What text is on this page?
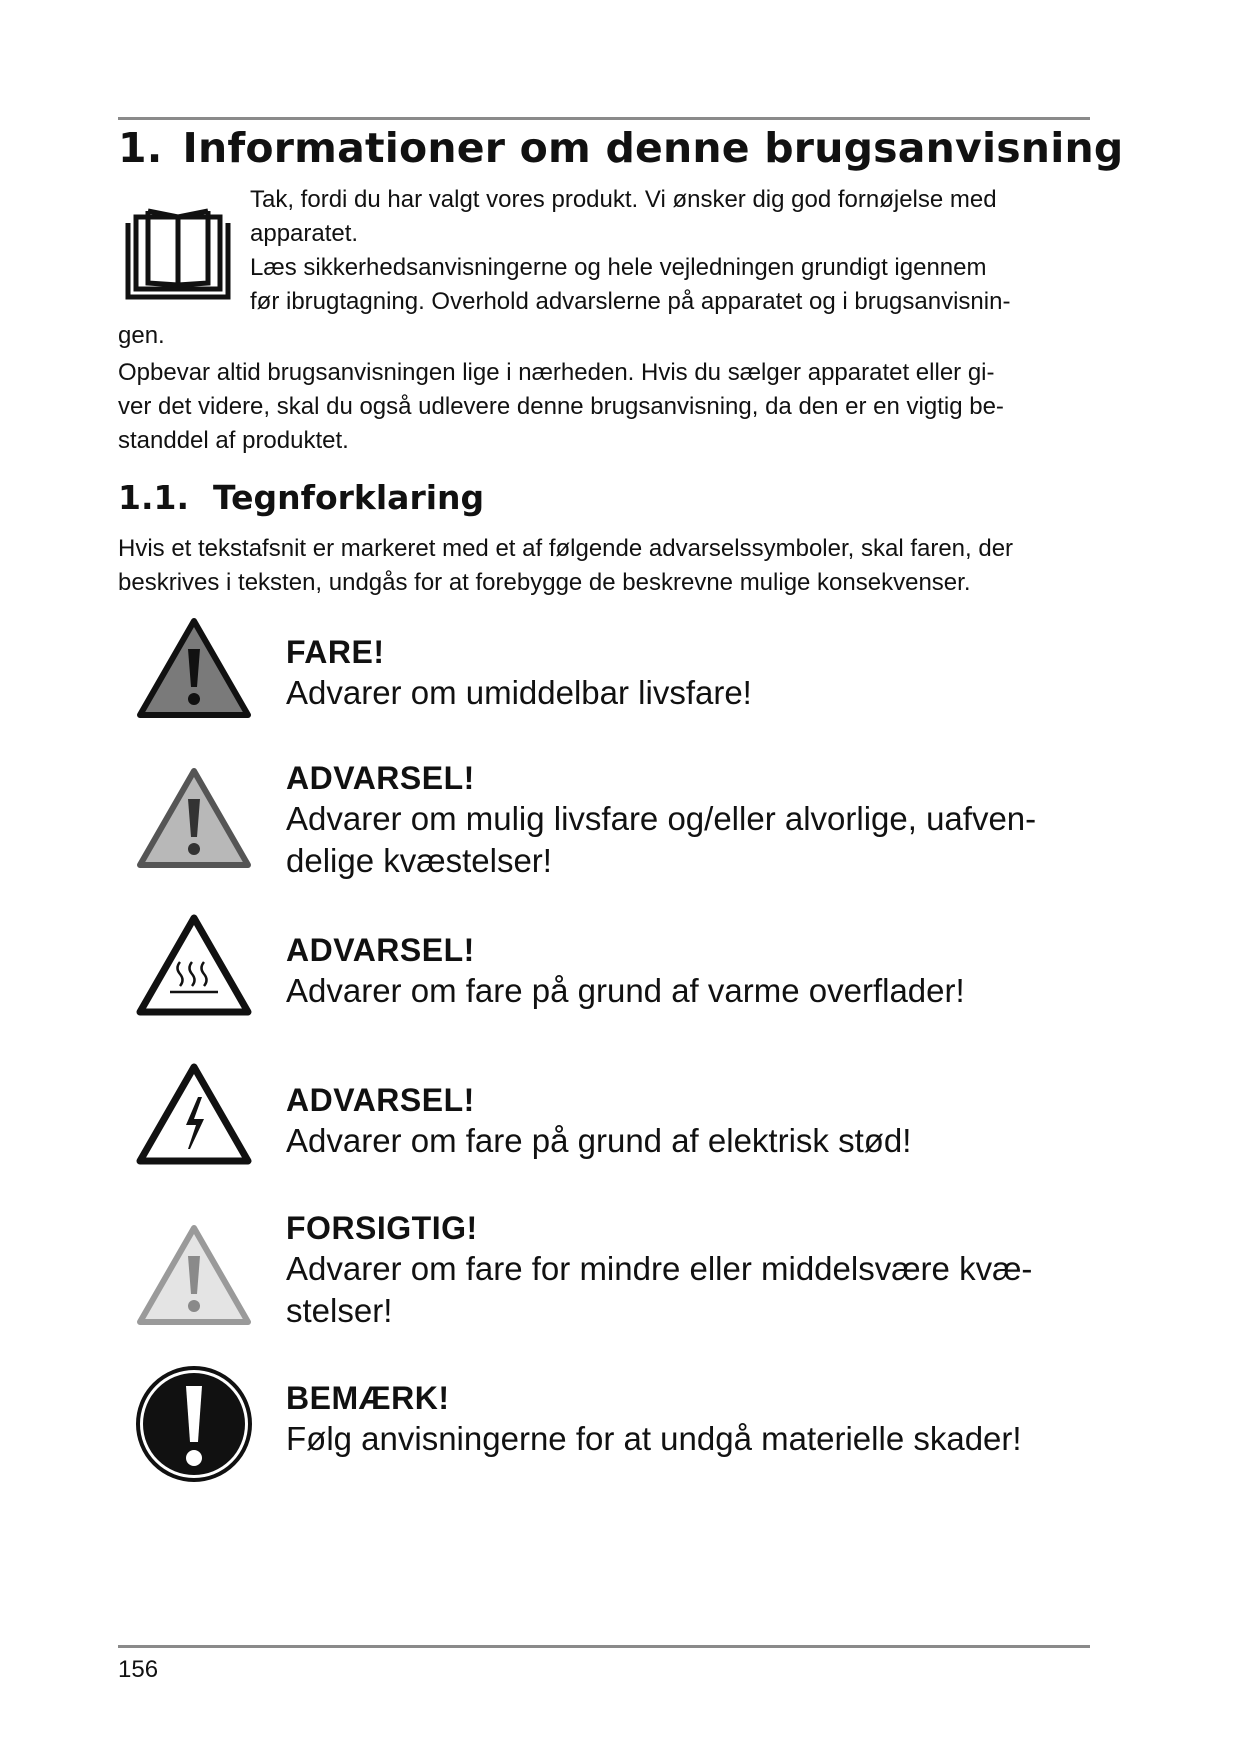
1. Informationer om denne brugsanvisning

Tak, fordi du har valgt vores produkt. Vi ønsker dig god fornøjelse med

apparatet.

Læs sikkerhedsanvisningerne og hele vejledningen grundigt igennem

før ibrugtagning. Overhold advarslerne på apparatet og i brugsanvisnin-

gen.

Opbevar altid brugsanvisningen lige i nærheden. Hvis du sælger apparatet eller gi-
ver det videre, skal du også udlevere denne brugsanvisning, da den er en vigtig be-
standdel af produktet.
1.1. Tegnforklaring
Hvis et tekstafsnit er markeret med et af følgende advarselssymboler, skal faren, der
beskrives i teksten, undgås for at forebygge de beskrevne mulige konsekvenser.
FARE!
Advarer om umiddelbar livsfare!
ADVARSEL!
Advarer om mulig livsfare og/eller alvorlige, uafven-
delige kvæstelser!
ADVARSEL!
Advarer om fare på grund af varme overflader!
ADVARSEL!
Advarer om fare på grund af elektrisk stød!
FORSIGTIG!
Advarer om fare for mindre eller middelsvære kvæ-
stelser!
BEMÆRK!
Følg anvisningerne for at undgå materielle skader!
156
